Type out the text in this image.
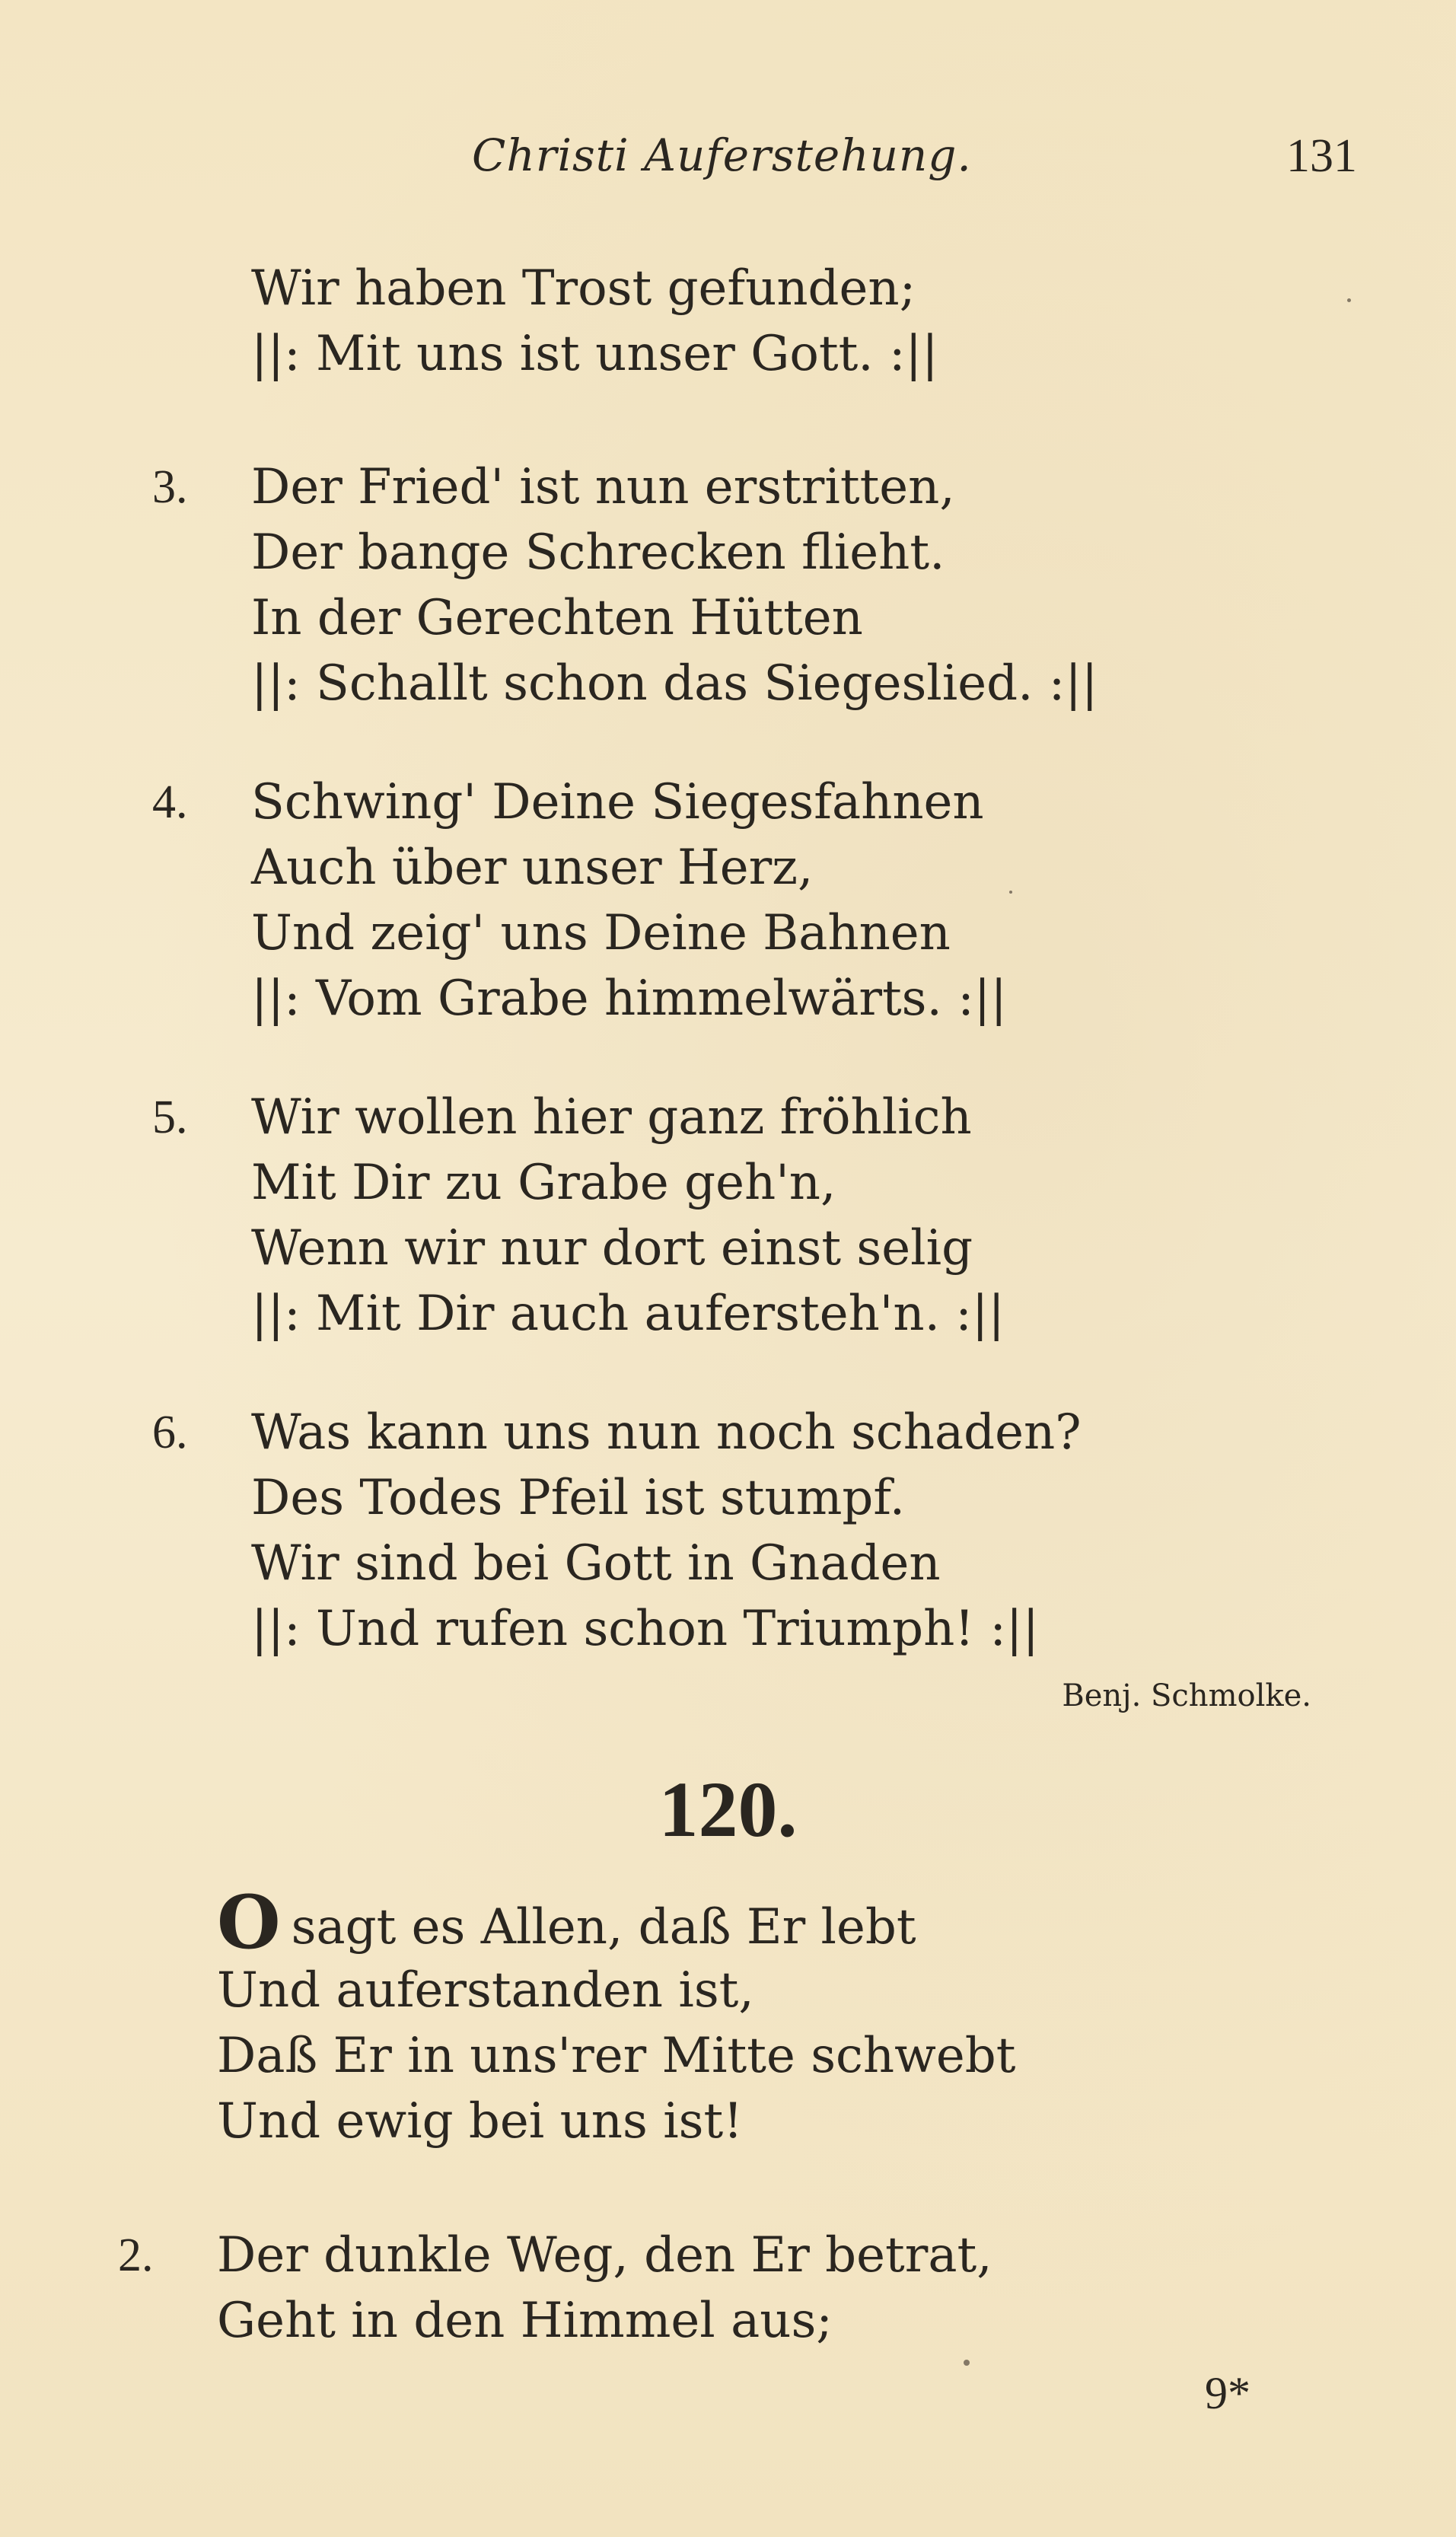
Christi Auferstehung.	131
Wir haben Trost gefunden;
||: Mit uns ist unser Gott. :||
3. Der Fried' ist nun erstritten,
Der bange Schrecken flieht.
In der Gerechten Hütten
||: Schallt schon das Siegeslied. :||
4. Schwing' Deine Siegesfahnen
Auch über unser Herz,
Und zeig' uns Deine Bahnen
||: Vom Grabe himmelwärts. :||
5. Wir wollen hier ganz fröhlich
Mit Dir zu Grabe geh'n,
Wenn wir nur dort einst selig
||: Mit Dir auch aufersteh'n. :||
6. Was kann uns nun noch schaden?
Des Todes Pfeil ist stumpf.
Wir sind bei Gott in Gnaden
||: Und rufen schon Triumph! :||
Benj. Schmolke.
120.
Osagt es Allen, daß Er lebt
Und auferstanden ist,
Daß Er in uns'rer Mitte schwebt
Und ewig bei uns ist!
2. Der dunkle Weg, den Er betrat,
Geht in den Himmel aus;
9*
